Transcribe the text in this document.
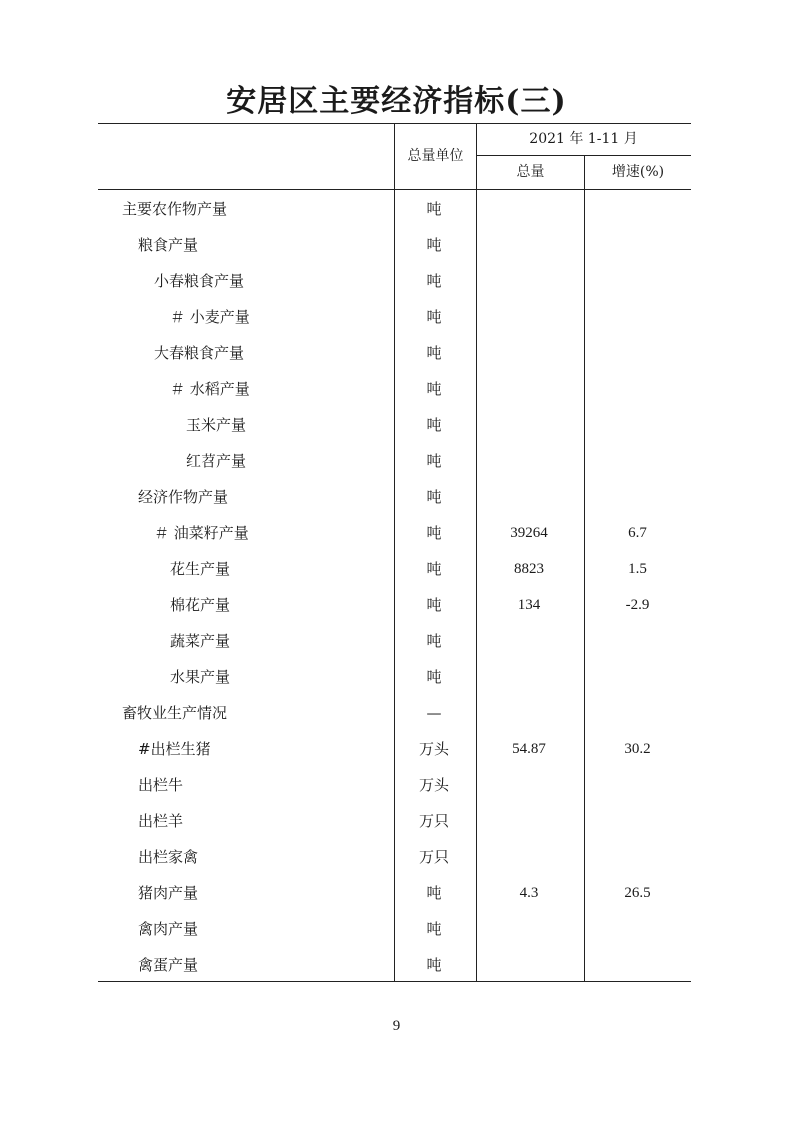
安居区主要经济指标(三)
2021 年 1-11 月
总量单位
总量	增速(%)
主要农作物产量	吨
粮食产量	吨
小春粮食产量	吨
＃ 小麦产量	吨
大春粮食产量	吨
＃ 水稻产量	吨
玉米产量	吨
红苕产量	吨
经济作物产量	吨
＃ 油菜籽产量	吨	39264	6.7
花生产量	吨	8823	1.5
棉花产量	吨	134	-2.9
蔬菜产量	吨
水果产量	吨
畜牧业生产情况	—
#出栏生猪	万头	54.87	30.2
出栏牛	万头
出栏羊	万只
出栏家禽	万只
猪肉产量	吨	4.3	26.5
禽肉产量	吨
禽蛋产量	吨
9
